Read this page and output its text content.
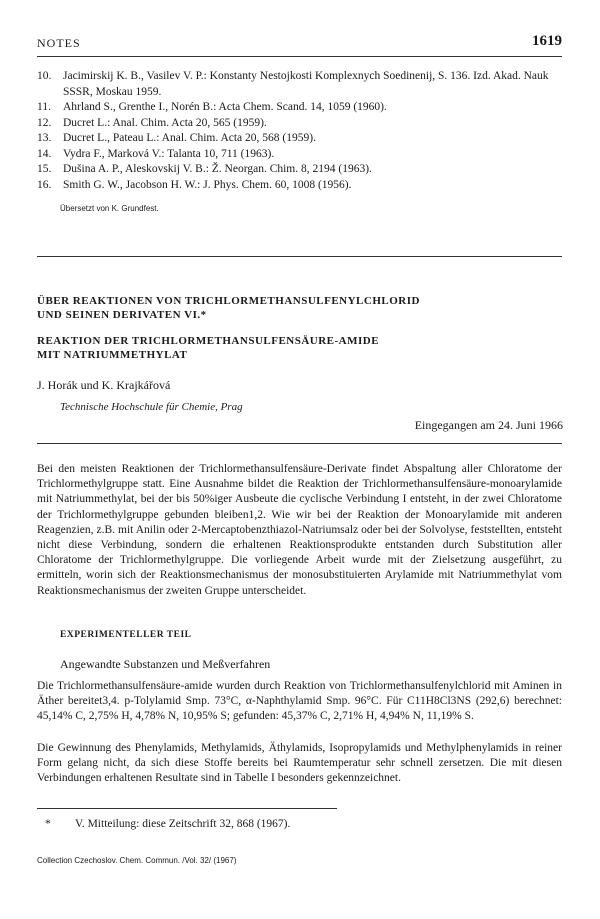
NOTES	1619
10. Jacimirskij K. B., Vasilev V. P.: Konstanty Nestojkosti Komplexnych Soedinenij, S. 136. Izd. Akad. Nauk SSSR, Moskau 1959.
11. Ahrland S., Grenthe I., Norén B.: Acta Chem. Scand. 14, 1059 (1960).
12. Ducret L.: Anal. Chim. Acta 20, 565 (1959).
13. Ducret L., Pateau L.: Anal. Chim. Acta 20, 568 (1959).
14. Vydra F., Marková V.: Talanta 10, 711 (1963).
15. Dušina A. P., Aleskovskij V. B.: Ž. Neorgan. Chim. 8, 2194 (1963).
16. Smith G. W., Jacobson H. W.: J. Phys. Chem. 60, 1008 (1956).
Übersetzt von K. Grundfest.
ÜBER REAKTIONEN VON TRICHLORMETHANSULFENYLCHLORID
UND SEINEN DERIVATEN VI.*
REAKTION DER TRICHLORMETHANSULFENSÄURE-AMIDE
MIT NATRIUMMETHYLAT
J. Horák und K. Krajkářová
Technische Hochschule für Chemie, Prag
Eingegangen am 24. Juni 1966

Bei den meisten Reaktionen der Trichlormethansulfensäure-Derivate findet Abspaltung aller Chloratome der Trichlormethylgruppe statt. Eine Ausnahme bildet die Reaktion der Trichlormethansulfensäure-monoarylamide mit Natriummethylat, bei der bis 50%iger Ausbeute die cyclische Verbindung I entsteht, in der zwei Chloratome der Trichlormethylgruppe gebunden bleiben1,2. Wie wir bei der Reaktion der Monoarylamide mit anderen Reagenzien, z.B. mit Anilin oder 2-Mercaptobenzthiazol-Natriumsalz oder bei der Solvolyse, feststellten, entsteht nicht diese Verbindung, sondern die erhaltenen Reaktionsprodukte entstanden durch Substitution aller Chloratome der Trichlormethylgruppe. Die vorliegende Arbeit wurde mit der Zielsetzung ausgeführt, zu ermitteln, worin sich der Reaktionsmechanismus der monosubstituierten Arylamide mit Natriummethylat vom Reaktionsmechanismus der zweiten Gruppe unterscheidet.

EXPERIMENTELLER TEIL
Angewandte Substanzen und Meßverfahren

Die Trichlormethansulfensäure-amide wurden durch Reaktion von Trichlormethansulfenylchlorid mit Aminen in Äther bereitet3,4. p-Tolylamid Smp. 73°C, α-Naphthylamid Smp. 96°C. Für C11H8Cl3NS (292,6) berechnet: 45,14% C, 2,75% H, 4,78% N, 10,95% S; gefunden: 45,37% C, 2,71% H, 4,94% N, 11,19% S.

Die Gewinnung des Phenylamids, Methylamids, Äthylamids, Isopropylamids und Methylphenylamids in reiner Form gelang nicht, da sich diese Stoffe bereits bei Raumtemperatur sehr schnell zersetzen. Die mit diesen Verbindungen erhaltenen Resultate sind in Tabelle I besonders gekennzeichnet.

* V. Mitteilung: diese Zeitschrift 32, 868 (1967).
Collection Czechoslov. Chem. Commun. /Vol. 32/ (1967)
